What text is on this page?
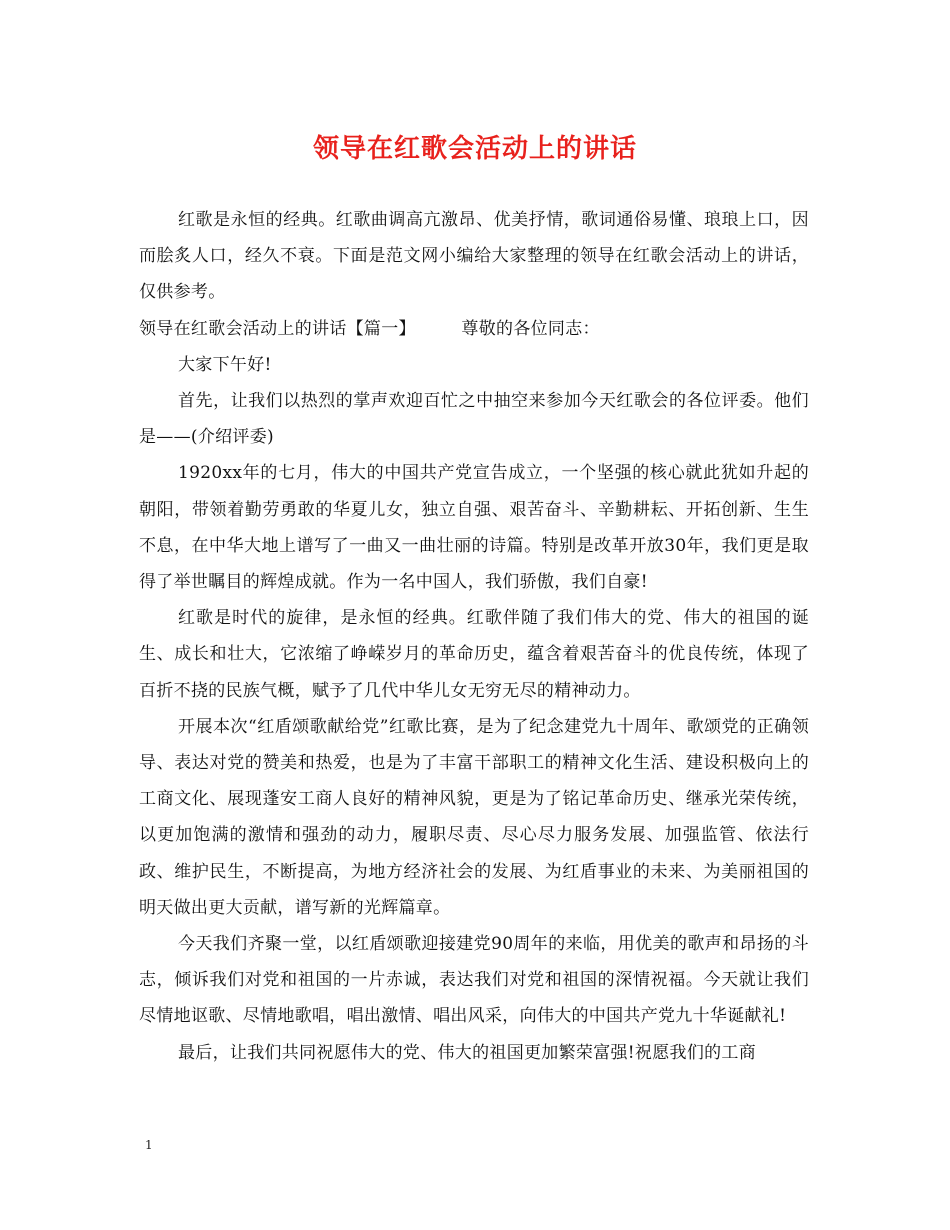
领导在红歌会活动上的讲话

红歌是永恒的经典。红歌曲调高亢激昂、优美抒情，歌词通俗易懂、琅琅上口，因而脍炙人口，经久不衰。下面是范文网小编给大家整理的领导在红歌会活动上的讲话，仅供参考。

领导在红歌会活动上的讲话【篇一】        尊敬的各位同志：

大家下午好!

首先，让我们以热烈的掌声欢迎百忙之中抽空来参加今天红歌会的各位评委。他们是——(介绍评委)

1920xx年的七月，伟大的中国共产党宣告成立，一个坚强的核心就此犹如升起的朝阳，带领着勤劳勇敢的华夏儿女，独立自强、艰苦奋斗、辛勤耕耘、开拓创新、生生不息，在中华大地上谱写了一曲又一曲壮丽的诗篇。特别是改革开放30年，我们更是取得了举世瞩目的辉煌成就。作为一名中国人，我们骄傲，我们自豪!

红歌是时代的旋律，是永恒的经典。红歌伴随了我们伟大的党、伟大的祖国的诞生、成长和壮大，它浓缩了峥嵘岁月的革命历史，蕴含着艰苦奋斗的优良传统，体现了百折不挠的民族气概，赋予了几代中华儿女无穷无尽的精神动力。

开展本次“红盾颂歌献给党”红歌比赛，是为了纪念建党九十周年、歌颂党的正确领导、表达对党的赞美和热爱，也是为了丰富干部职工的精神文化生活、建设积极向上的工商文化、展现蓬安工商人良好的精神风貌，更是为了铭记革命历史、继承光荣传统，以更加饱满的激情和强劲的动力，履职尽责、尽心尽力服务发展、加强监管、依法行政、维护民生，不断提高，为地方经济社会的发展、为红盾事业的未来、为美丽祖国的明天做出更大贡献，谱写新的光辉篇章。

今天我们齐聚一堂，以红盾颂歌迎接建党90周年的来临，用优美的歌声和昂扬的斗志，倾诉我们对党和祖国的一片赤诚，表达我们对党和祖国的深情祝福。今天就让我们尽情地讴歌、尽情地歌唱，唱出激情、唱出风采，向伟大的中国共产党九十华诞献礼!

最后，让我们共同祝愿伟大的党、伟大的祖国更加繁荣富强!祝愿我们的工商

1
